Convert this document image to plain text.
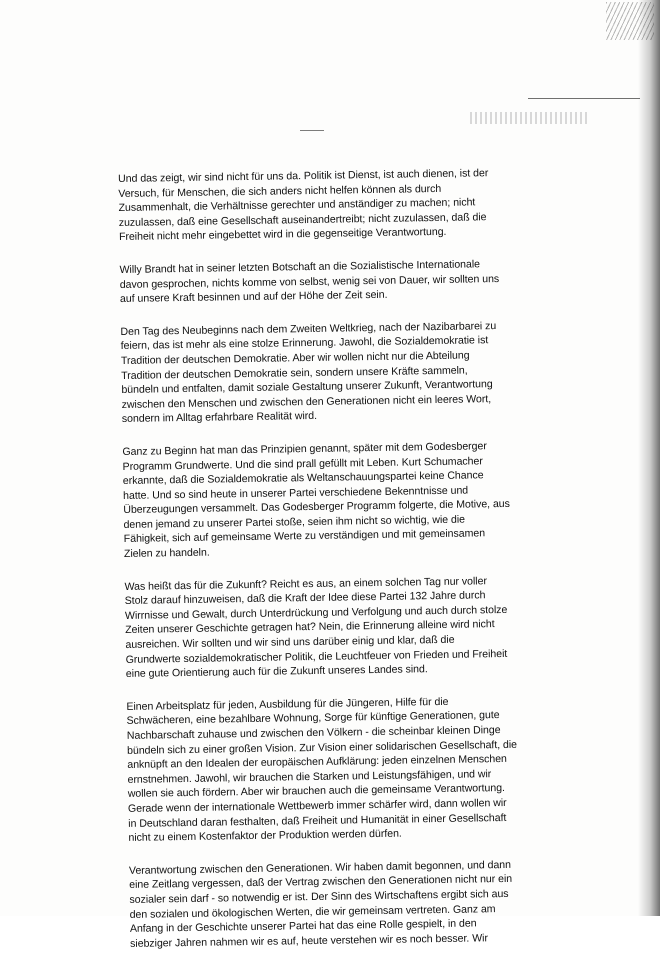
Und das zeigt, wir sind nicht für uns da. Politik ist Dienst, ist auch dienen, ist der
Versuch, für Menschen, die sich anders nicht helfen können als durch
Zusammenhalt, die Verhältnisse gerechter und anständiger zu machen; nicht
zuzulassen, daß eine Gesellschaft auseinandertreibt; nicht zuzulassen, daß die
Freiheit nicht mehr eingebettet wird in die gegenseitige Verantwortung.

Willy Brandt hat in seiner letzten Botschaft an die Sozialistische Internationale
davon gesprochen, nichts komme von selbst, wenig sei von Dauer, wir sollten uns
auf unsere Kraft besinnen und auf der Höhe der Zeit sein.

Den Tag des Neubeginns nach dem Zweiten Weltkrieg, nach der Nazibarbarei zu
feiern, das ist mehr als eine stolze Erinnerung. Jawohl, die Sozialdemokratie ist
Tradition der deutschen Demokratie. Aber wir wollen nicht nur die Abteilung
Tradition der deutschen Demokratie sein, sondern unsere Kräfte sammeln,
bündeln und entfalten, damit soziale Gestaltung unserer Zukunft, Verantwortung
zwischen den Menschen und zwischen den Generationen nicht ein leeres Wort,
sondern im Alltag erfahrbare Realität wird.

Ganz zu Beginn hat man das Prinzipien genannt, später mit dem Godesberger
Programm Grundwerte. Und die sind prall gefüllt mit Leben. Kurt Schumacher
erkannte, daß die Sozialdemokratie als Weltanschauungspartei keine Chance
hatte. Und so sind heute in unserer Partei verschiedene Bekenntnisse und
Überzeugungen versammelt. Das Godesberger Programm folgerte, die Motive, aus
denen jemand zu unserer Partei stoße, seien ihm nicht so wichtig, wie die
Fähigkeit, sich auf gemeinsame Werte zu verständigen und mit gemeinsamen
Zielen zu handeln.

Was heißt das für die Zukunft? Reicht es aus, an einem solchen Tag nur voller
Stolz darauf hinzuweisen, daß die Kraft der Idee diese Partei 132 Jahre durch
Wirrnisse und Gewalt, durch Unterdrückung und Verfolgung und auch durch stolze
Zeiten unserer Geschichte getragen hat? Nein, die Erinnerung alleine wird nicht
ausreichen. Wir sollten und wir sind uns darüber einig und klar, daß die
Grundwerte sozialdemokratischer Politik, die Leuchtfeuer von Frieden und Freiheit
eine gute Orientierung auch für die Zukunft unseres Landes sind.

Einen Arbeitsplatz für jeden, Ausbildung für die Jüngeren, Hilfe für die
Schwächeren, eine bezahlbare Wohnung, Sorge für künftige Generationen, gute
Nachbarschaft zuhause und zwischen den Völkern - die scheinbar kleinen Dinge
bündeln sich zu einer großen Vision. Zur Vision einer solidarischen Gesellschaft, die
anknüpft an den Idealen der europäischen Aufklärung: jeden einzelnen Menschen
ernstnehmen. Jawohl, wir brauchen die Starken und Leistungsfähigen, und wir
wollen sie auch fördern. Aber wir brauchen auch die gemeinsame Verantwortung.
Gerade wenn der internationale Wettbewerb immer schärfer wird, dann wollen wir
in Deutschland daran festhalten, daß Freiheit und Humanität in einer Gesellschaft
nicht zu einem Kostenfaktor der Produktion werden dürfen.

Verantwortung zwischen den Generationen. Wir haben damit begonnen, und dann
eine Zeitlang vergessen, daß der Vertrag zwischen den Generationen nicht nur ein
sozialer sein darf - so notwendig er ist. Der Sinn des Wirtschaftens ergibt sich aus
den sozialen und ökologischen Werten, die wir gemeinsam vertreten. Ganz am
Anfang in der Geschichte unserer Partei hat das eine Rolle gespielt, in den
siebziger Jahren nahmen wir es auf, heute verstehen wir es noch besser. Wir
